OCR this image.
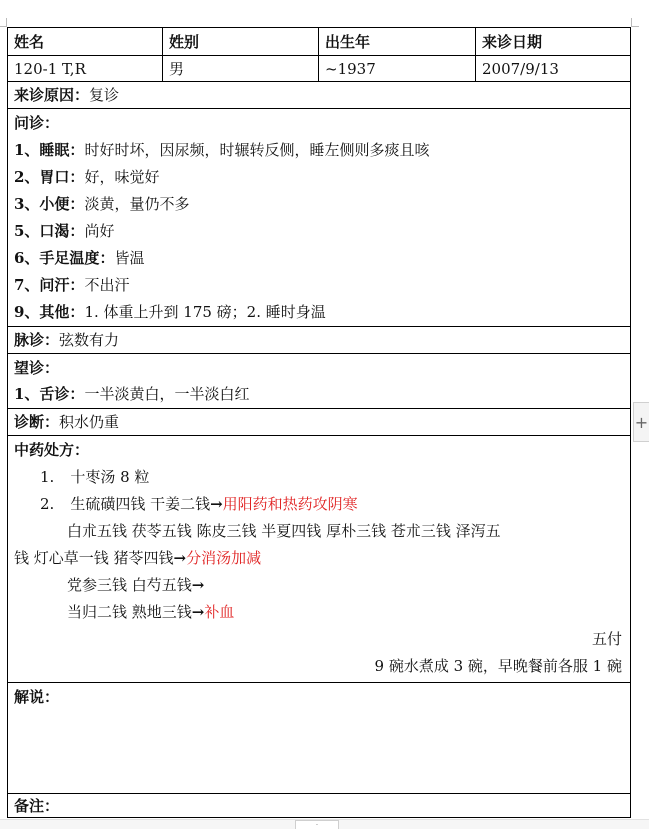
姓名	姓别	出生年	来诊日期
120-1 T,R	男	~1937	2007/9/13
来诊原因：复诊
问诊：
1、睡眠：时好时坏，因尿频，时辗转反侧，睡左侧则多痰且咳
2、胃口：好，味觉好
3、小便：淡黄，量仍不多
5、口渴：尚好
6、手足温度：皆温
7、问汗：不出汗
9、其他：1. 体重上升到 175 磅；2. 睡时身温
脉诊：弦数有力
望诊：
1、舌诊：一半淡黄白，一半淡白红
诊断：积水仍重
中药处方：
1. 十枣汤 8 粒
2. 生硫磺四钱 干姜二钱→用阳药和热药攻阴寒
白朮五钱 茯苓五钱 陈皮三钱 半夏四钱 厚朴三钱 苍朮三钱 泽泻五
钱 灯心草一钱 猪苓四钱→分消汤加减
党参三钱 白芍五钱→
当归二钱 熟地三钱→补血
五付
9 碗水煮成 3 碗，早晚餐前各服 1 碗
解说：
备注：
+
·
